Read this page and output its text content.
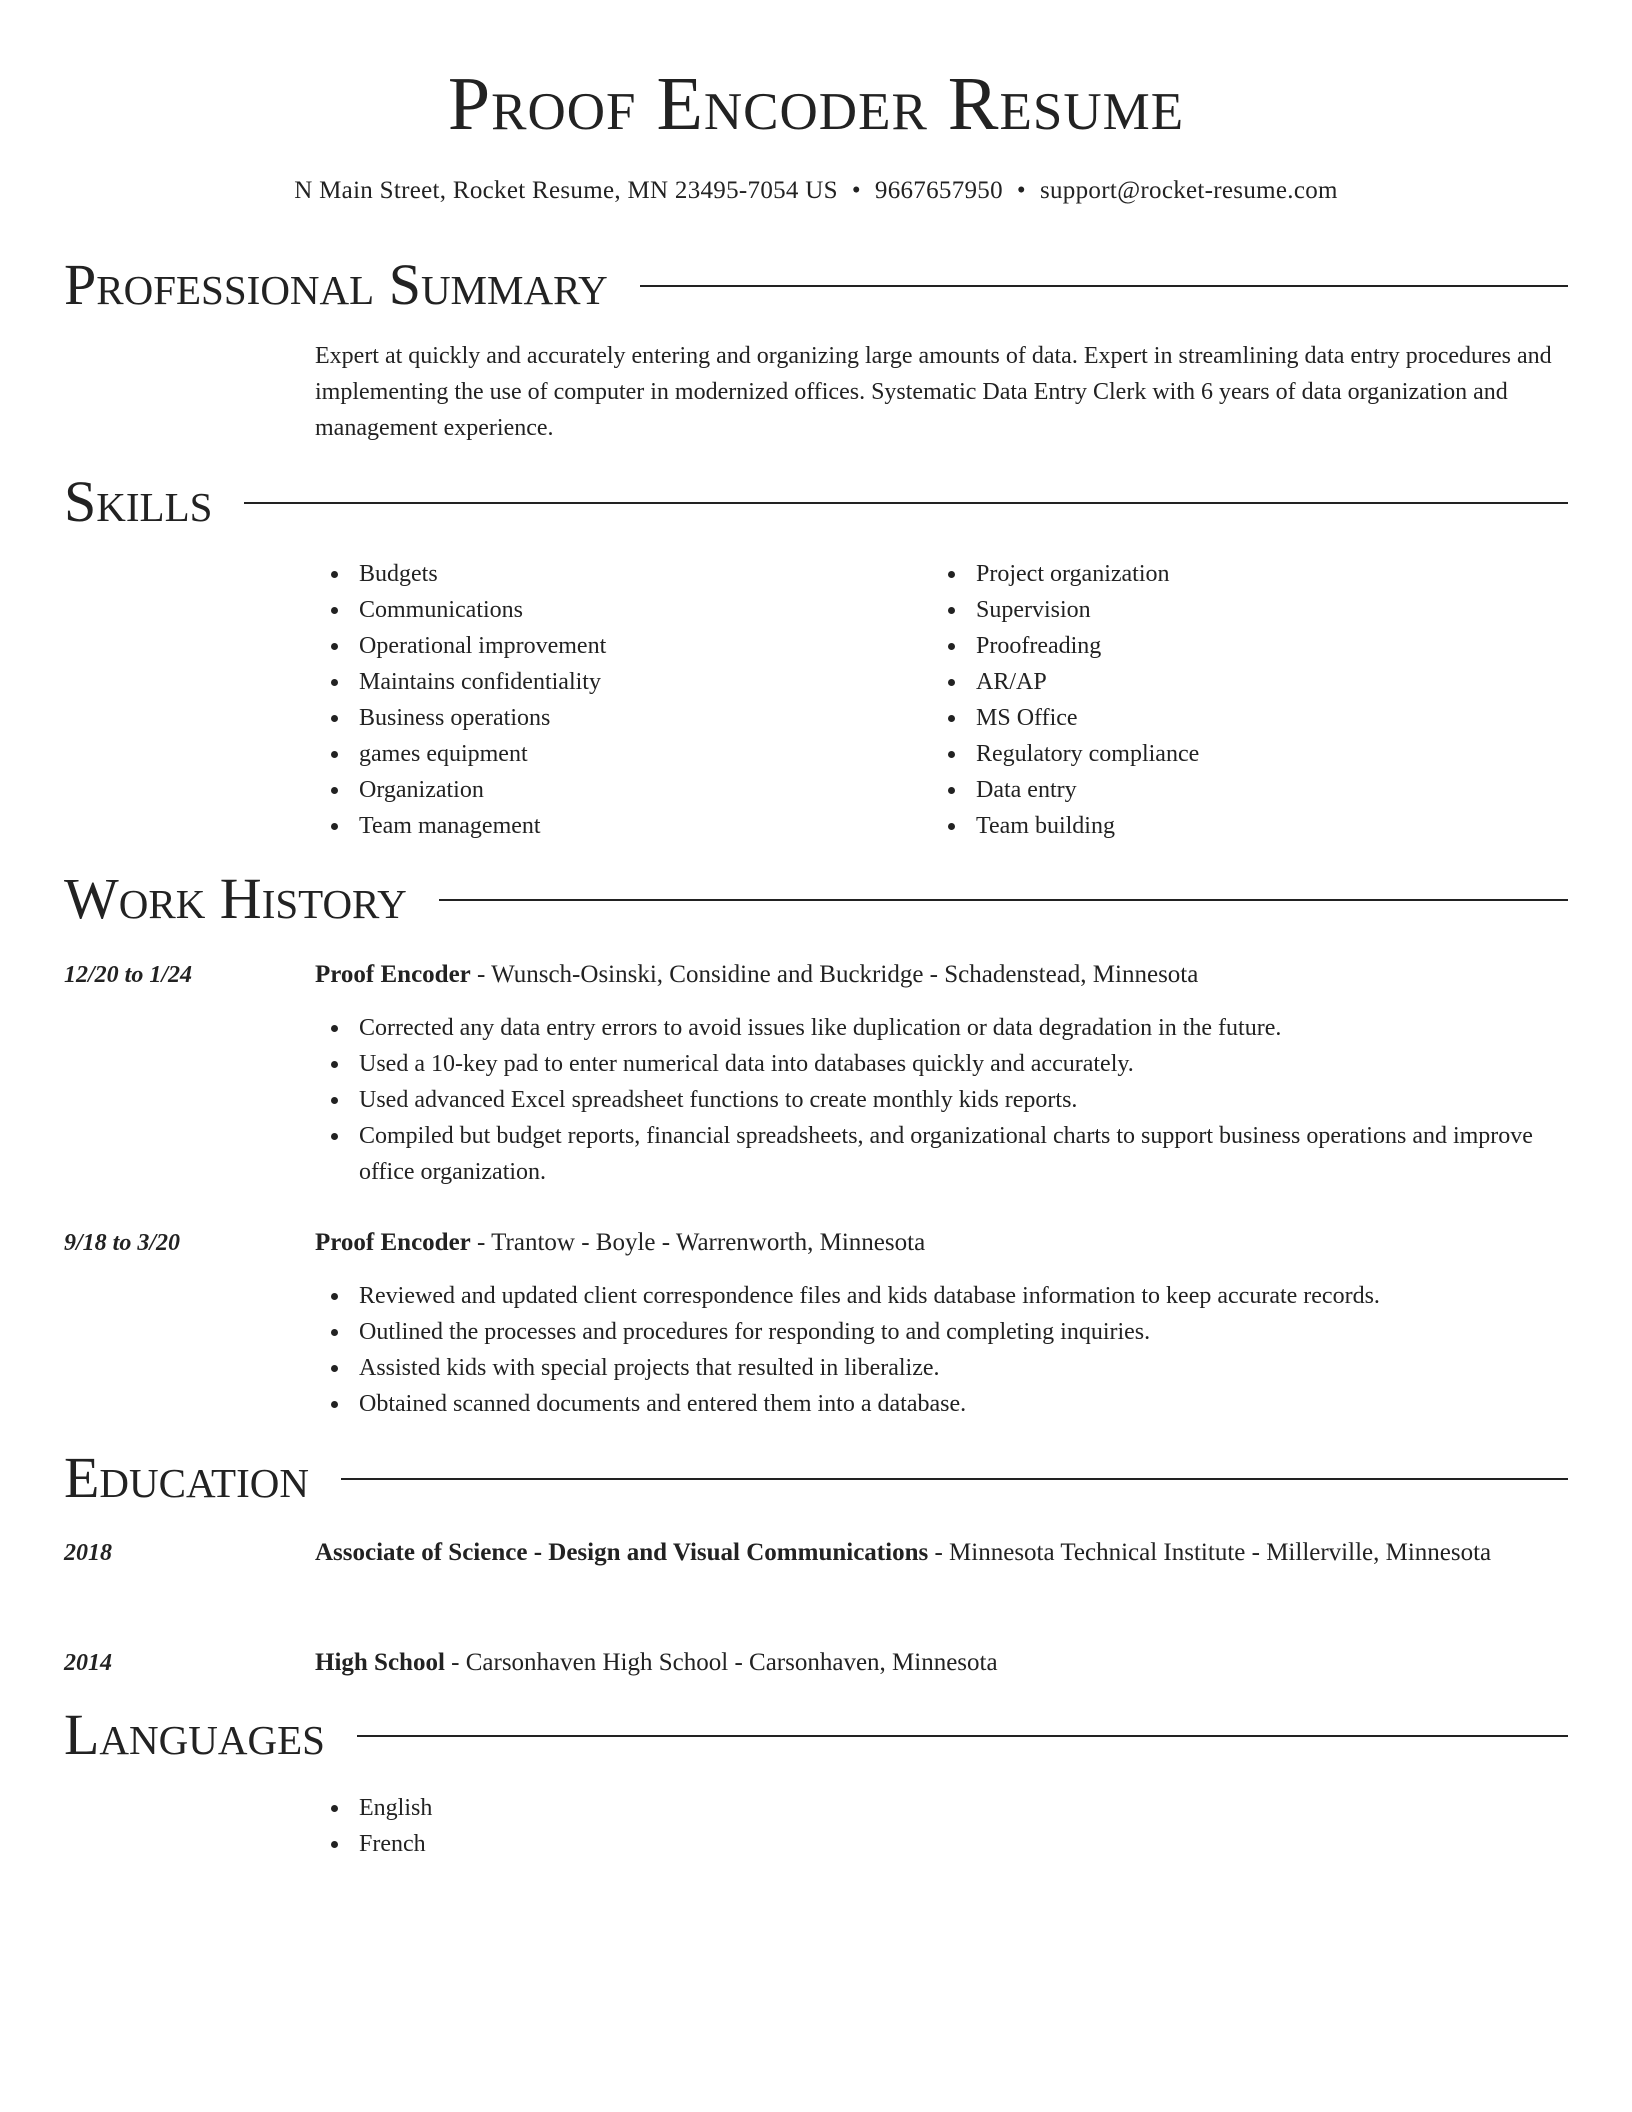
Proof Encoder Resume
N Main Street, Rocket Resume, MN 23495-7054 US • 9667657950 • support@rocket-resume.com
Professional Summary

Expert at quickly and accurately entering and organizing large amounts of data. Expert in streamlining data entry procedures and implementing the use of computer in modernized offices. Systematic Data Entry Clerk with 6 years of data organization and management experience.

Skills
Budgets
Communications
Operational improvement
Maintains confidentiality
Business operations
games equipment
Organization
Team management
Project organization
Supervision
Proofreading
AR/AP
MS Office
Regulatory compliance
Data entry
Team building
Work History
12/20 to 1/24	Proof Encoder - Wunsch-Osinski, Considine and Buckridge - Schadenstead, Minnesota
Corrected any data entry errors to avoid issues like duplication or data degradation in the future.
Used a 10-key pad to enter numerical data into databases quickly and accurately.
Used advanced Excel spreadsheet functions to create monthly kids reports.
Compiled but budget reports, financial spreadsheets, and organizational charts to support business operations and improve office organization.
9/18 to 3/20	Proof Encoder - Trantow - Boyle - Warrenworth, Minnesota
Reviewed and updated client correspondence files and kids database information to keep accurate records.
Outlined the processes and procedures for responding to and completing inquiries.
Assisted kids with special projects that resulted in liberalize.
Obtained scanned documents and entered them into a database.
Education
2018	Associate of Science - Design and Visual Communications - Minnesota Technical Institute - Millerville, Minnesota
2014	High School - Carsonhaven High School - Carsonhaven, Minnesota
Languages
English
French
